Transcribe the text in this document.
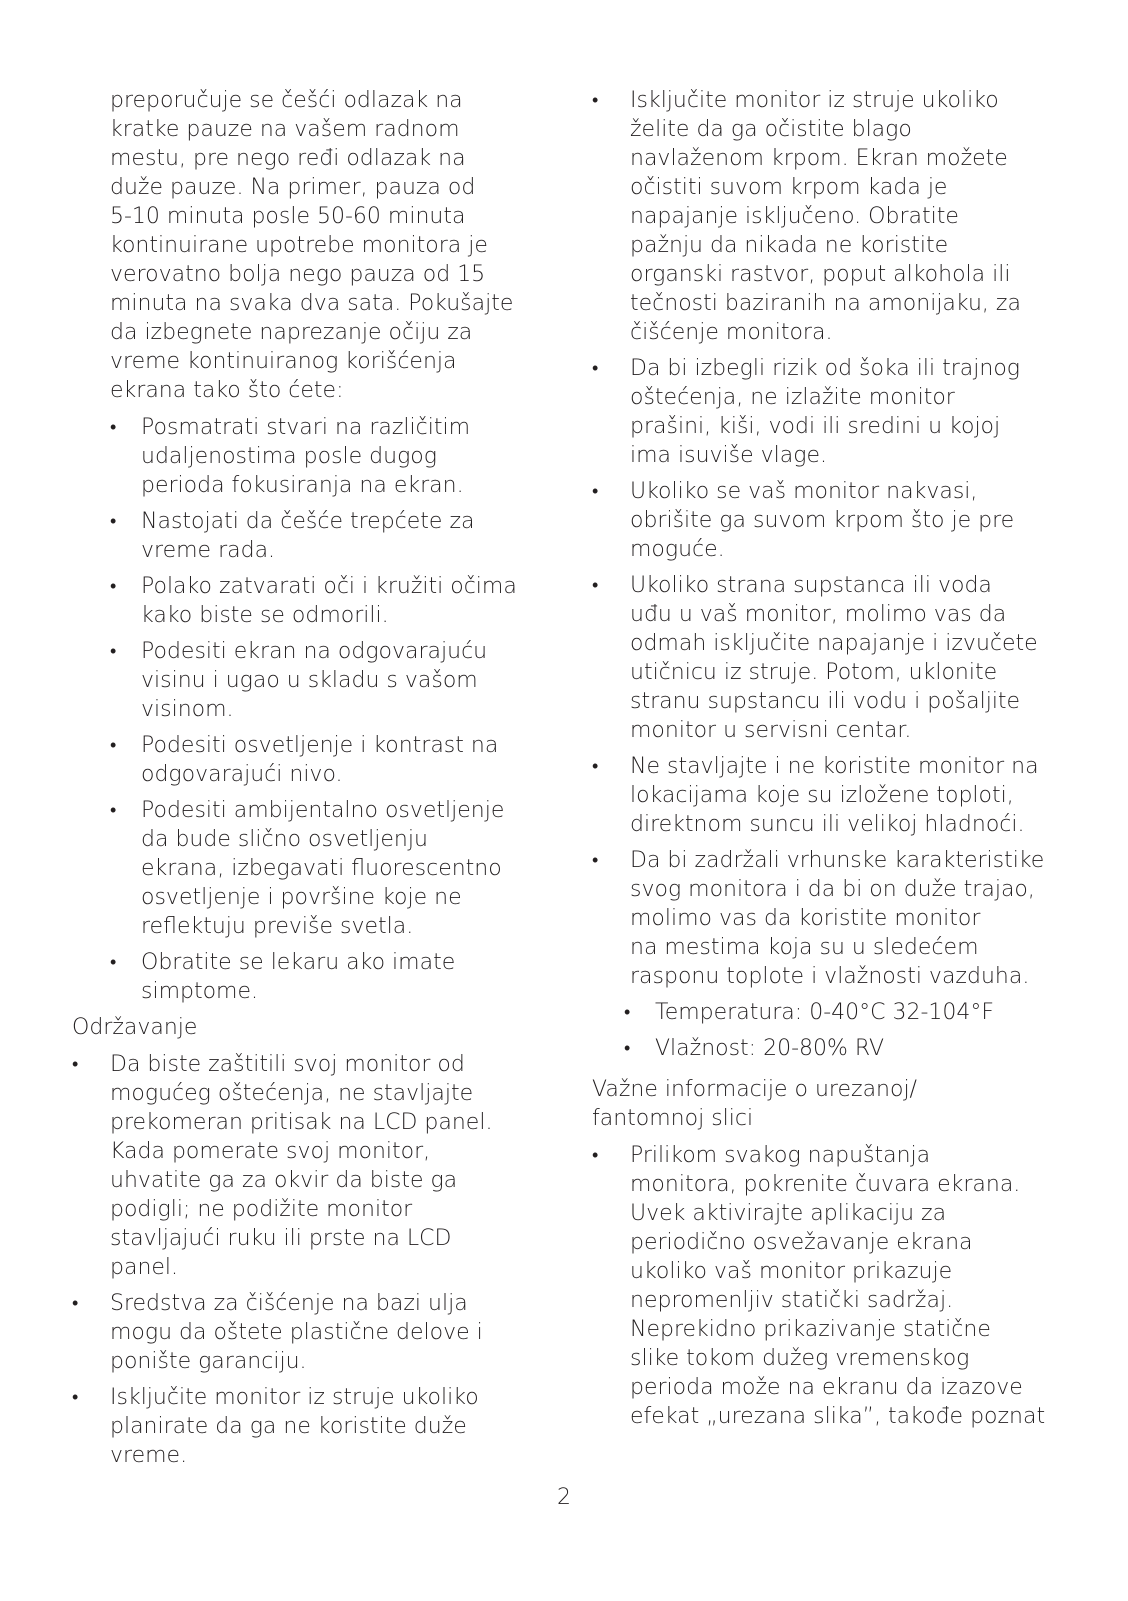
preporučuje se češći odlazak na
kratke pauze na vašem radnom
mestu, pre nego ređi odlazak na
duže pauze. Na primer, pauza od
5-10 minuta posle 50-60 minuta
kontinuirane upotrebe monitora je
verovatno bolja nego pauza od 15
minuta na svaka dva sata. Pokušajte
da izbegnete naprezanje očiju za
vreme kontinuiranog korišćenja
ekrana tako što ćete:

•	Posmatrati stvari na različitim
udaljenostima posle dugog
perioda fokusiranja na ekran.
•	Nastojati da češće trepćete za
vreme rada.
•	Polako zatvarati oči i kružiti očima
kako biste se odmorili.
•	Podesiti ekran na odgovarajuću
visinu i ugao u skladu s vašom
visinom.
•	Podesiti osvetljenje i kontrast na
odgovarajući nivo.
•	Podesiti ambijentalno osvetljenje
da bude slično osvetljenju
ekrana, izbegavati fluorescentno
osvetljenje i površine koje ne
reflektuju previše svetla.
•	Obratite se lekaru ako imate
simptome.

Održavanje

•	Da biste zaštitili svoj monitor od
mogućeg oštećenja, ne stavljajte
prekomeran pritisak na LCD panel.
Kada pomerate svoj monitor,
uhvatite ga za okvir da biste ga
podigli; ne podižite monitor
stavljajući ruku ili prste na LCD
panel.
•	Sredstva za čišćenje na bazi ulja
mogu da oštete plastične delove i
ponište garanciju.
•	Isključite monitor iz struje ukoliko
planirate da ga ne koristite duže
vreme.
•	Isključite monitor iz struje ukoliko
želite da ga očistite blago
navlaženom krpom. Ekran možete
očistiti suvom krpom kada je
napajanje isključeno. Obratite
pažnju da nikada ne koristite
organski rastvor, poput alkohola ili
tečnosti baziranih na amonijaku, za
čišćenje monitora.
•	Da bi izbegli rizik od šoka ili trajnog
oštećenja, ne izlažite monitor
prašini, kiši, vodi ili sredini u kojoj
ima isuviše vlage.
•	Ukoliko se vaš monitor nakvasi,
obrišite ga suvom krpom što je pre
moguće.
•	Ukoliko strana supstanca ili voda
uđu u vaš monitor, molimo vas da
odmah isključite napajanje i izvučete
utičnicu iz struje. Potom, uklonite
stranu supstancu ili vodu i pošaljite
monitor u servisni centar.
•	Ne stavljajte i ne koristite monitor na
lokacijama koje su izložene toploti,
direktnom suncu ili velikoj hladnoći.
•	Da bi zadržali vrhunske karakteristike
svog monitora i da bi on duže trajao,
molimo vas da koristite monitor
na mestima koja su u sledećem
rasponu toplote i vlažnosti vazduha.
•	Temperatura: 0-40°C 32-104°F
•	Vlažnost: 20-80% RV

Važne informacije o urezanoj/
fantomnoj slici

•	Prilikom svakog napuštanja
monitora, pokrenite čuvara ekrana.
Uvek aktivirajte aplikaciju za
periodično osvežavanje ekrana
ukoliko vaš monitor prikazuje
nepromenljiv statički sadržaj.
Neprekidno prikazivanje statične
slike tokom dužeg vremenskog
perioda može na ekranu da izazove
efekat „urezana slika”, takođe poznat
2
